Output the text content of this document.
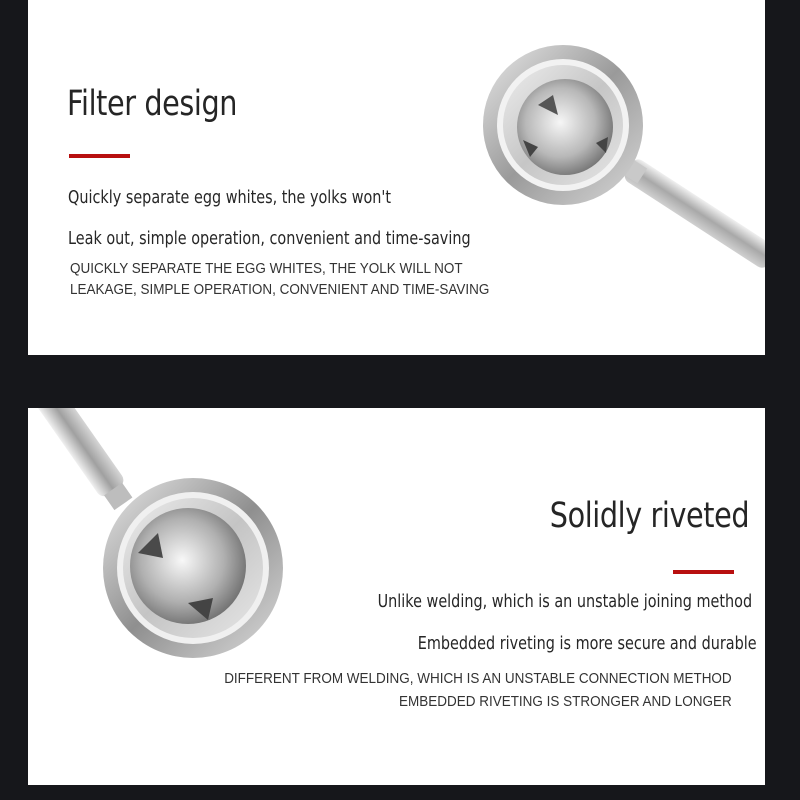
Filter design
Quickly separate egg whites, the yolks won't
Leak out, simple operation, convenient and time-saving
QUICKLY SEPARATE THE EGG WHITES, THE YOLK WILL NOT
LEAKAGE, SIMPLE OPERATION, CONVENIENT AND TIME-SAVING
Solidly riveted
Unlike welding, which is an unstable joining method
Embedded riveting is more secure and durable
DIFFERENT FROM WELDING, WHICH IS AN UNSTABLE CONNECTION METHOD
EMBEDDED RIVETING IS STRONGER AND LONGER
